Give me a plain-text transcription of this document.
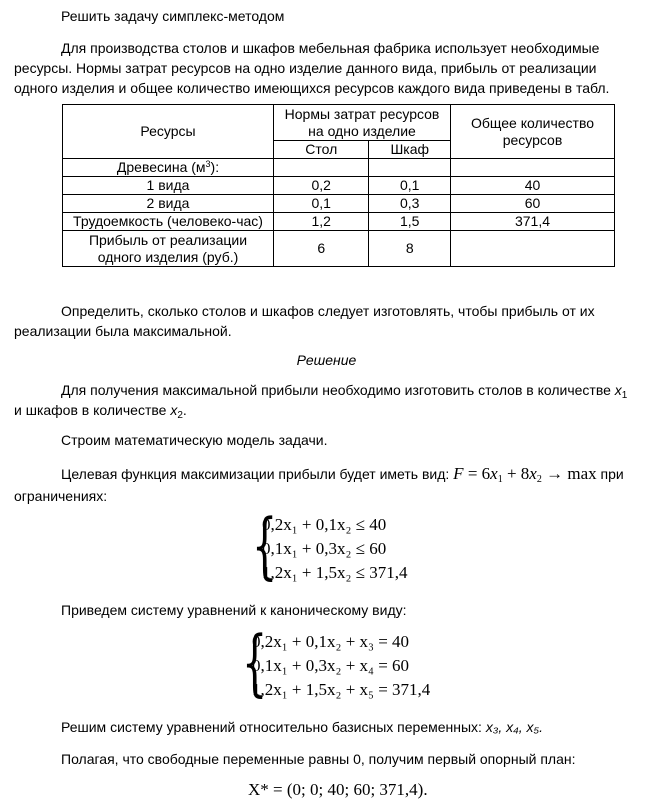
Решить задачу симплекс-методом

Для производства столов и шкафов мебельная фабрика использует необходимые ресурсы. Нормы затрат ресурсов на одно изделие данного вида, прибыль от реализации одного изделия и общее количество имеющихся ресурсов каждого вида приведены в табл.

Ресурсы	Нормы затрат ресурсов на одно изделие		Общее количество ресурсов
	Стол	Шкаф	
Древесина $(м^3)$:			
1 вида	0,2	0,1	40
2 вида	0,1	0,3	60
Трудоемкость (человеко-час)	1,2	1,5	371,4
Прибыль от реализации одного изделия (руб.)	6	8	

Определить, сколько столов и шкафов следует изготовлять, чтобы прибыль от их реализации была максимальной.

Решение

Для получения максимальной прибыли необходимо изготовить столов в количестве $x_1$ и шкафов в количестве $x_2$.

Строим математическую модель задачи.

Целевая функция максимизации прибыли будет иметь вид: $F = 6x_1 + 8x_2 \to \max$ при

ограничениях:

{
0,2x₁ + 0,1x₂ ≤ 40
0,1x₁ + 0,3x₂ ≤ 60
1,2x₁ + 1,5x₂ ≤ 371,4

Приведем систему уравнений к каноническому виду:

{
0,2x₁ + 0,1x₂ + x₃ = 40
0,1x₁ + 0,3x₂ + x₄ = 60
1,2x₁ + 1,5x₂ + x₅ = 371,4

Решим систему уравнений относительно базисных переменных: x₃, x₄, x₅.

Полагая, что свободные переменные равны 0, получим первый опорный план:

X* = (0; 0; 40; 60; 371,4).
